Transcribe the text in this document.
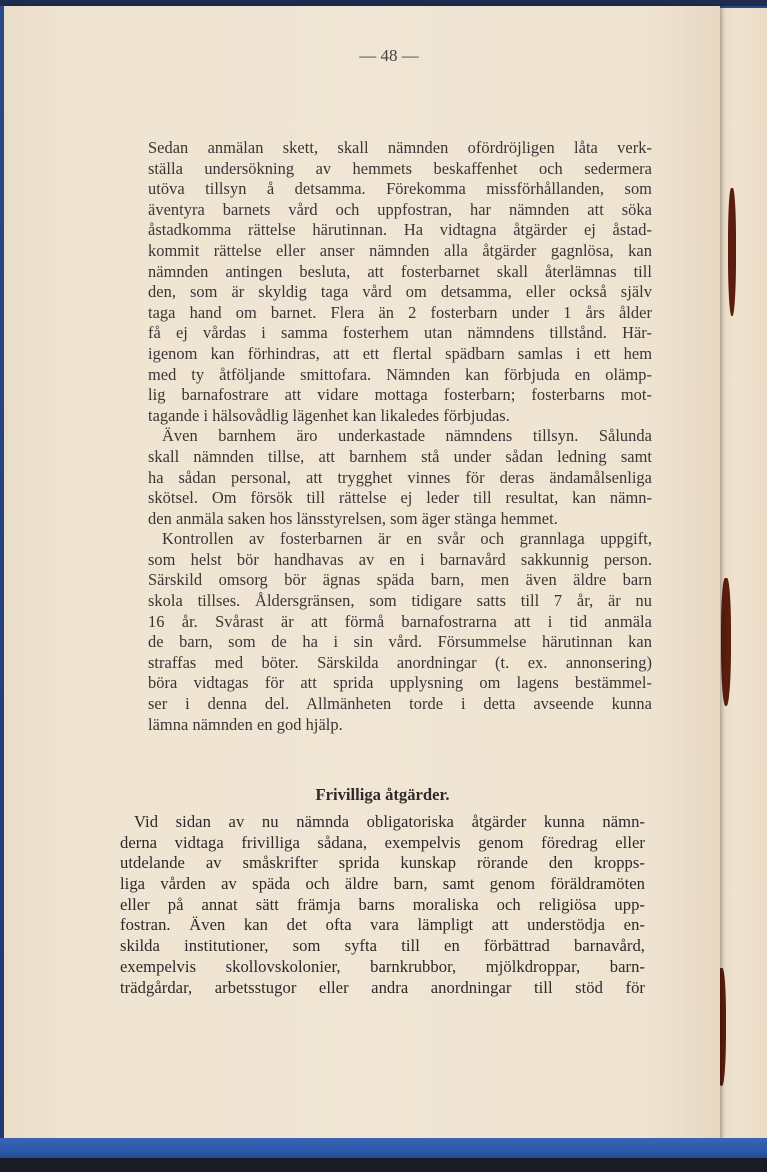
— 48 —
Sedan anmälan skett, skall nämnden ofördröjligen låta verk-
ställa undersökning av hemmets beskaffenhet och sedermera
utöva tillsyn å detsamma. Förekomma missförhållanden, som
äventyra barnets vård och uppfostran, har nämnden att söka
åstadkomma rättelse härutinnan. Ha vidtagna åtgärder ej åstad-
kommit rättelse eller anser nämnden alla åtgärder gagnlösa, kan
nämnden antingen besluta, att fosterbarnet skall återlämnas till
den, som är skyldig taga vård om detsamma, eller också själv
taga hand om barnet. Flera än 2 fosterbarn under 1 års ålder
få ej vårdas i samma fosterhem utan nämndens tillstånd. Här-
igenom kan förhindras, att ett flertal spädbarn samlas i ett hem
med ty åtföljande smittofara. Nämnden kan förbjuda en olämp-
lig barnafostrare att vidare mottaga fosterbarn; fosterbarns mot-
tagande i hälsovådlig lägenhet kan likaledes förbjudas.
Även barnhem äro underkastade nämndens tillsyn. Sålunda
skall nämnden tillse, att barnhem stå under sådan ledning samt
ha sådan personal, att trygghet vinnes för deras ändamålsenliga
skötsel. Om försök till rättelse ej leder till resultat, kan nämn-
den anmäla saken hos länsstyrelsen, som äger stänga hemmet.
Kontrollen av fosterbarnen är en svår och grannlaga uppgift,
som helst bör handhavas av en i barnavård sakkunnig person.
Särskild omsorg bör ägnas späda barn, men även äldre barn
skola tillses. Åldersgränsen, som tidigare satts till 7 år, är nu
16 år. Svårast är att förmå barnafostrarna att i tid anmäla
de barn, som de ha i sin vård. Försummelse härutinnan kan
straffas med böter. Särskilda anordningar (t. ex. annonsering)
böra vidtagas för att sprida upplysning om lagens bestämmel-
ser i denna del. Allmänheten torde i detta avseende kunna
lämna nämnden en god hjälp.
Frivilliga åtgärder.
Vid sidan av nu nämnda obligatoriska åtgärder kunna nämn-
derna vidtaga frivilliga sådana, exempelvis genom föredrag eller
utdelande av småskrifter sprida kunskap rörande den kropps-
liga vården av späda och äldre barn, samt genom föräldramöten
eller på annat sätt främja barns moraliska och religiösa upp-
fostran. Även kan det ofta vara lämpligt att understödja en-
skilda institutioner, som syfta till en förbättrad barnavård,
exempelvis skollovskolonier, barnkrubbor, mjölkdroppar, barn-
trädgårdar, arbetsstugor eller andra anordningar till stöd för
